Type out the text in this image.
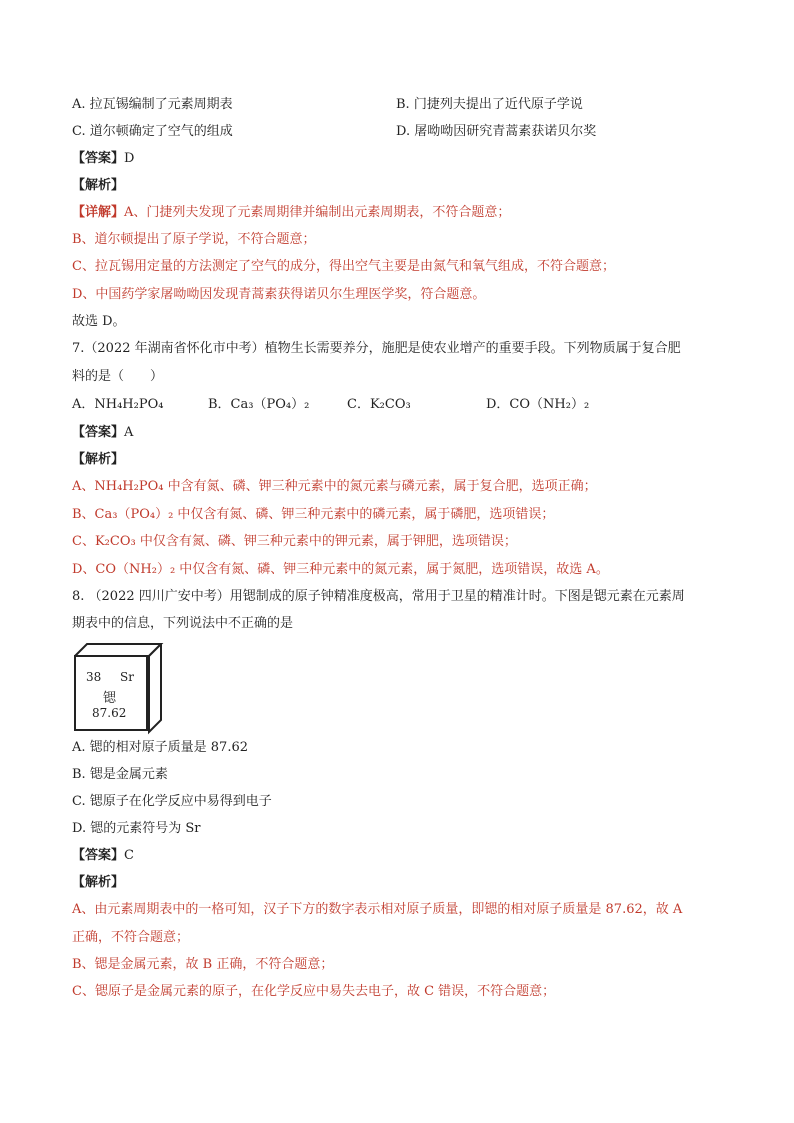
A. 拉瓦锡编制了元素周期表	B. 门捷列夫提出了近代原子学说
C. 道尔顿确定了空气的组成	D. 屠呦呦因研究青蒿素获诺贝尔奖
【答案】D
【解析】
【详解】A、门捷列夫发现了元素周期律并编制出元素周期表，不符合题意；
B、道尔顿提出了原子学说，不符合题意；
C、拉瓦锡用定量的方法测定了空气的成分，得出空气主要是由氮气和氧气组成，不符合题意；
D、中国药学家屠呦呦因发现青蒿素获得诺贝尔生理医学奖，符合题意。
故选 D。
7.（2022 年湖南省怀化市中考）植物生长需要养分，施肥是使农业增产的重要手段。下列物质属于复合肥
料的是（　　）
A．NH₄H₂PO₄	B．Ca₃（PO₄）₂	C．K₂CO₃	D．CO（NH₂）₂
【答案】A
【解析】
A、NH₄H₂PO₄ 中含有氮、磷、钾三种元素中的氮元素与磷元素，属于复合肥，选项正确；
B、Ca₃（PO₄）₂ 中仅含有氮、磷、钾三种元素中的磷元素，属于磷肥，选项错误；
C、K₂CO₃ 中仅含有氮、磷、钾三种元素中的钾元素，属于钾肥，选项错误；
D、CO（NH₂）₂ 中仅含有氮、磷、钾三种元素中的氮元素，属于氮肥，选项错误，故选 A。
8. （2022 四川广安中考）用锶制成的原子钟精准度极高，常用于卫星的精准计时。下图是锶元素在元素周
期表中的信息，下列说法中不正确的是
38 Sr
锶
87.62
A. 锶的相对原子质量是 87.62
B. 锶是金属元素
C. 锶原子在化学反应中易得到电子
D. 锶的元素符号为 Sr
【答案】C
【解析】
A、由元素周期表中的一格可知，汉子下方的数字表示相对原子质量，即锶的相对原子质量是 87.62，故 A
正确，不符合题意；
B、锶是金属元素，故 B 正确，不符合题意；
C、锶原子是金属元素的原子，在化学反应中易失去电子，故 C 错误，不符合题意；
